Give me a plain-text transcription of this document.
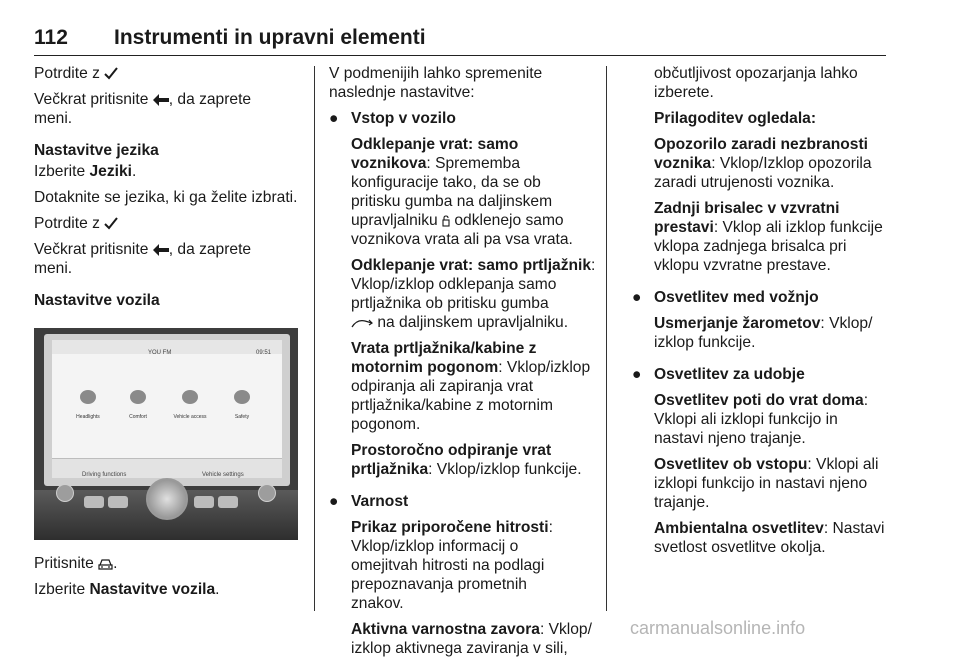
112 Instrumenti in upravni elementi

Potrdite z

Večkrat pritisnite , da zaprete
meni.

Nastavitve jezika

Izberite Jeziki.

Dotaknite se jezika, ki ga želite izbrati.

Potrdite z

Večkrat pritisnite , da zaprete
meni.

Nastavitve vozila

YOU FM	09:51
Headlights	Comfort	Vehicle access	Safety
Driving functions	Vehicle settings

Pritisnite .

Izberite Nastavitve vozila.

V podmenijih lahko spremenite
naslednje nastavitve:

● Vstop v vozilo

Odklepanje vrat: samo
voznikova: Sprememba
konfiguracije tako, da se ob
pritisku gumba na daljinskem
upravljalniku odklenejo samo
voznikova vrata ali pa vsa vrata.

Odklepanje vrat: samo prtljažnik:
Vklop/izklop odklepanja samo
prtljažnika ob pritisku gumba
na daljinskem upravljalniku.

Vrata prtljažnika/kabine z
motornim pogonom: Vklop/izklop
odpiranja ali zapiranja vrat
prtljažnika/kabine z motornim
pogonom.

Prostoročno odpiranje vrat
prtljažnika: Vklop/izklop funkcije.

● Varnost

Prikaz priporočene hitrosti:
Vklop/izklop informacij o
omejitvah hitrosti na podlagi
prepoznavanja prometnih
znakov.

Aktivna varnostna zavora: Vklop/
izklop aktivnega zaviranja v sili,

občutljivost opozarjanja lahko
izberete.

Prilagoditev ogledala:

Opozorilo zaradi nezbranosti
voznika: Vklop/Izklop opozorila
zaradi utrujenosti voznika.

Zadnji brisalec v vzvratni
prestavi: Vklop ali izklop funkcije
vklopa zadnjega brisalca pri
vklopu vzvratne prestave.

● Osvetlitev med vožnjo

Usmerjanje žarometov: Vklop/
izklop funkcije.

● Osvetlitev za udobje

Osvetlitev poti do vrat doma:
Vklopi ali izklopi funkcijo in
nastavi njeno trajanje.

Osvetlitev ob vstopu: Vklopi ali
izklopi funkcijo in nastavi njeno
trajanje.

Ambientalna osvetlitev: Nastavi
svetlost osvetlitve okolja.

carmanualsonline.info
